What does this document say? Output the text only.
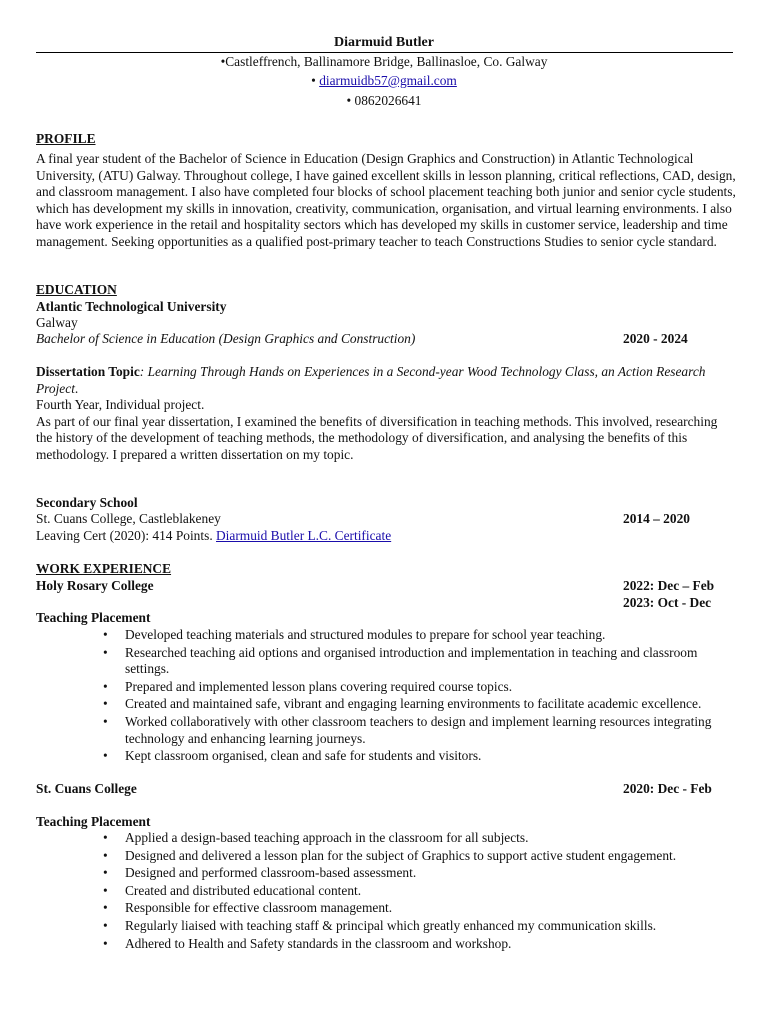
Diarmuid Butler
•Castleffrench, Ballinamore Bridge, Ballinasloe, Co. Galway
• diarmuidb57@gmail.com
• 0862026641
PROFILE

A final year student of the Bachelor of Science in Education (Design Graphics and Construction) in Atlantic Technological University, (ATU) Galway. Throughout college, I have gained excellent skills in lesson planning, critical reflections, CAD, design, and classroom management. I also have completed four blocks of school placement teaching both junior and senior cycle students, which has development my skills in innovation, creativity, communication, organisation, and virtual learning environments. I also have work experience in the retail and hospitality sectors which has developed my skills in customer service, leadership and time management. Seeking opportunities as a qualified post-primary teacher to teach Constructions Studies to senior cycle standard.

EDUCATION
Atlantic Technological University
Galway
Bachelor of Science in Education (Design Graphics and Construction)	2020 - 2024

Dissertation Topic: Learning Through Hands on Experiences in a Second-year Wood Technology Class, an Action Research Project.

Fourth Year, Individual project.

As part of our final year dissertation, I examined the benefits of diversification in teaching methods. This involved, researching the history of the development of teaching methods, the methodology of diversification, and analysing the benefits of this methodology. I prepared a written dissertation on my topic.

Secondary School
St. Cuans College, Castleblakeney	2014 – 2020
Leaving Cert (2020): 414 Points. Diarmuid Butler L.C. Certificate
WORK EXPERIENCE
Holy Rosary College	2022: Dec – Feb
2023: Oct - Dec
Teaching Placement
• Developed teaching materials and structured modules to prepare for school year teaching.
• Researched teaching aid options and organised introduction and implementation in teaching and classroom settings.
• Prepared and implemented lesson plans covering required course topics.
• Created and maintained safe, vibrant and engaging learning environments to facilitate academic excellence.
• Worked collaboratively with other classroom teachers to design and implement learning resources integrating technology and enhancing learning journeys.
• Kept classroom organised, clean and safe for students and visitors.
St. Cuans College	2020: Dec - Feb
Teaching Placement
• Applied a design-based teaching approach in the classroom for all subjects.
• Designed and delivered a lesson plan for the subject of Graphics to support active student engagement.
• Designed and performed classroom-based assessment.
• Created and distributed educational content.
• Responsible for effective classroom management.
• Regularly liaised with teaching staff & principal which greatly enhanced my communication skills.
• Adhered to Health and Safety standards in the classroom and workshop.
